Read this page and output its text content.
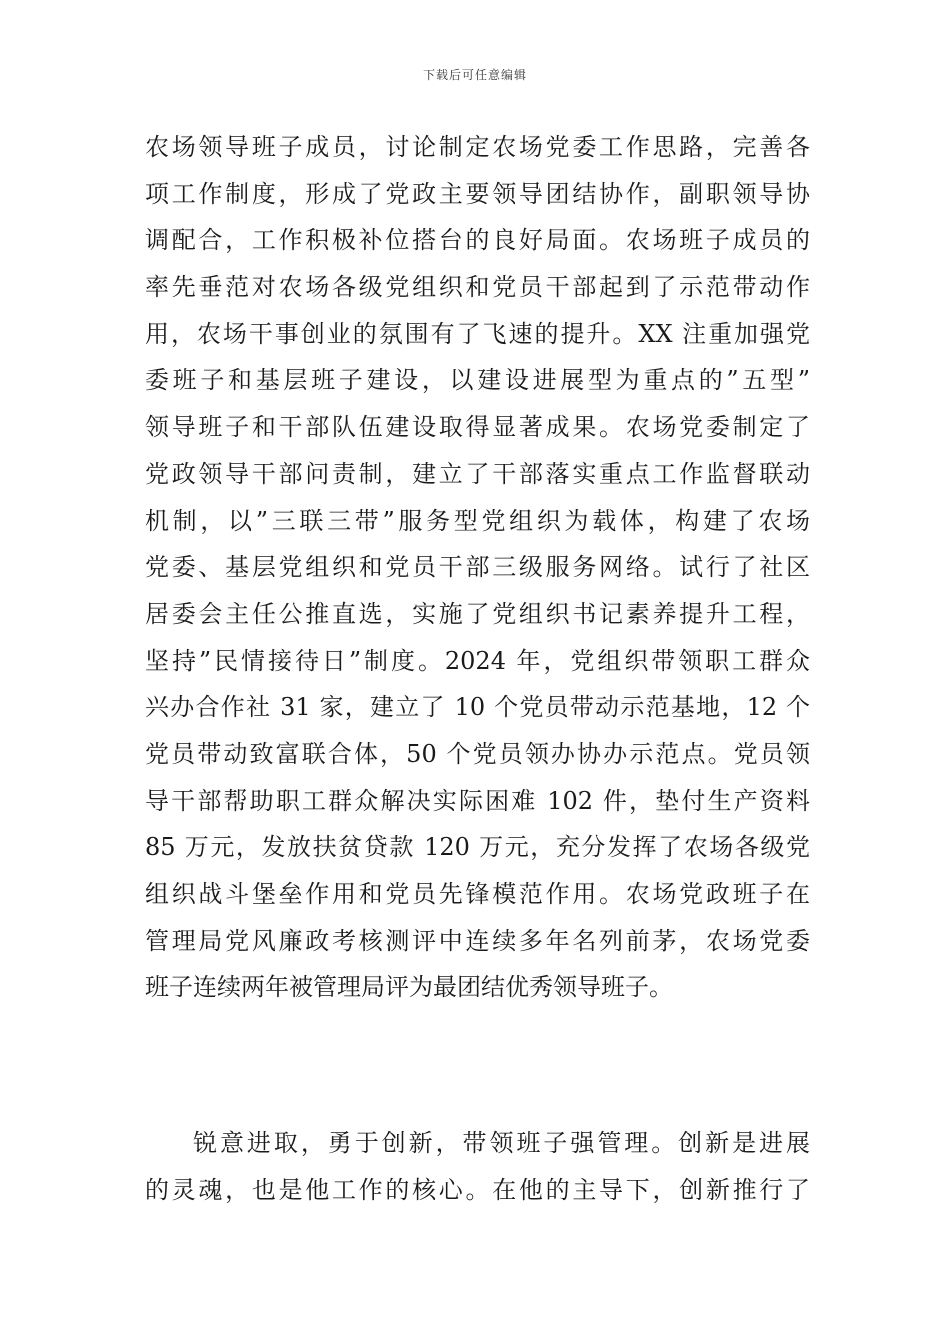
下载后可任意编辑
农场领导班子成员，讨论制定农场党委工作思路，完善各
项工作制度，形成了党政主要领导团结协作，副职领导协
调配合，工作积极补位搭台的良好局面。农场班子成员的
率先垂范对农场各级党组织和党员干部起到了示范带动作
用，农场干事创业的氛围有了飞速的提升。XX 注重加强党
委班子和基层班子建设，以建设进展型为重点的”五型”
领导班子和干部队伍建设取得显著成果。农场党委制定了
党政领导干部问责制，建立了干部落实重点工作监督联动
机制，以”三联三带”服务型党组织为载体，构建了农场
党委、基层党组织和党员干部三级服务网络。试行了社区
居委会主任公推直选，实施了党组织书记素养提升工程，
坚持”民情接待日”制度。2024 年，党组织带领职工群众
兴办合作社 31 家，建立了 10 个党员带动示范基地，12 个
党员带动致富联合体，50 个党员领办协办示范点。党员领
导干部帮助职工群众解决实际困难 102 件，垫付生产资料
85 万元，发放扶贫贷款 120 万元，充分发挥了农场各级党
组织战斗堡垒作用和党员先锋模范作用。农场党政班子在
管理局党风廉政考核测评中连续多年名列前茅，农场党委
班子连续两年被管理局评为最团结优秀领导班子。
锐意进取，勇于创新，带领班子强管理。创新是进展
的灵魂，也是他工作的核心。在他的主导下，创新推行了
